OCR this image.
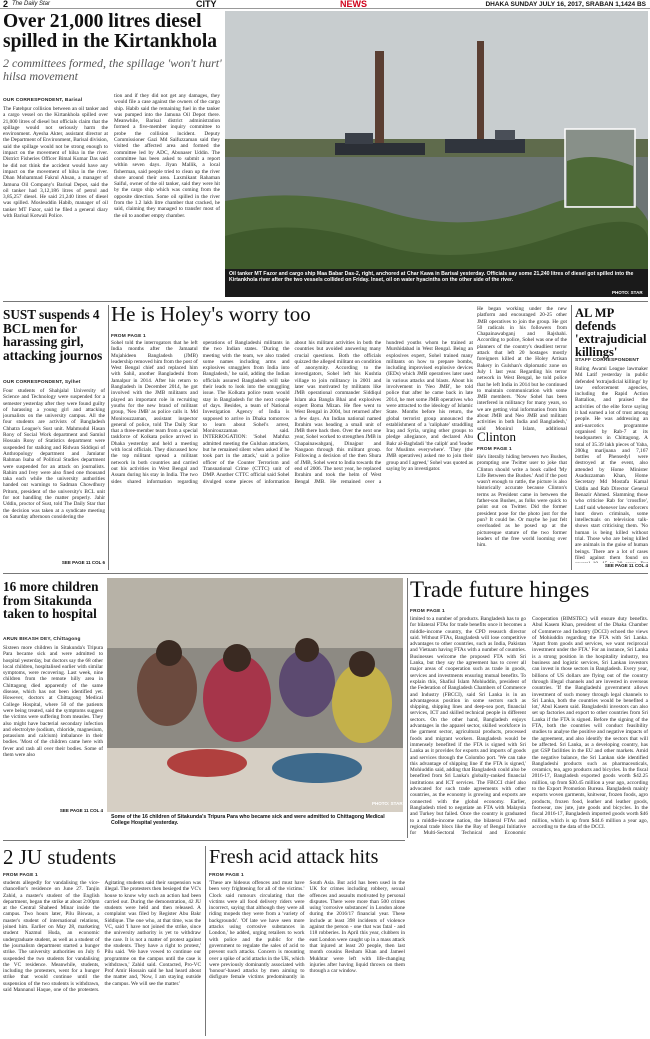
2 The Daily Star	CITY	NEWS	DHAKA SUNDAY JULY 16, 2017, SRABAN 1,1424 BS
Over 21,000 litres diesel spilled in the Kirtankhola
2 committees formed, the spillage 'won't hurt' hilsa movement
OUR CORRESPONDENT, Barisal
The Fatehpur collision between an oil tanker and a cargo vessel on the Kirtankhola spilled over 21,000 litres of diesel but officials claim that the spillage would not seriously harm the environment. Ayesha Akter, assistant director at the Department of Environment, Barisal division, said the spillage would not be strong enough to impact on the movement of hilsa in the river. District Fisheries Officer Bimal Kumar Das said he did not think the accident would have any impact on the movement of hilsa in the river. Dhan Mohammad Fakrul Ahsan, a manager of Jamuna Oil Company's Barisal Depot, said the oil tanker had 3,12,186 litres of petrol and 3,85,257 diesel. He said 21,240 litres of diesel was spilled. Mosleuddin Habib, manager of oil tanker MT Fazor, said he filed a general diary with Barisal Kotwali Police.
tion and if they did not get any damages, they would file a case against the owners of the cargo ship. Habib said the remaining fuel in the tanker was pumped into the Jamuna Oil Depot there. Meanwhile, Barisal district administration formed a five-member inquiry committee to probe the collision incident. Deputy Commissioner Gazi Md Saifuzzaman said they visited the affected area and formed the committee led by ADC, Abunaser Uddin. The committee has been asked to submit a report within seven days. Jiyan Mallik, a local fisherman, said people tried to clean up the river shore around their area. Laxmikant Rahaman Saiful, owner of the oil tanker, said they were hit by the cargo ship which was coming from the opposite direction. Some oil spilled in the river from the 1.2 lakh litre chamber that cracked, he said, claiming they managed to transfer most of the oil to another empty chamber.
Oil tanker MT Fazor and cargo ship Maa Babar Das-2, right, anchored at Char Kawa in Barisal yesterday. Officials say some 21,240 litres of diesel got spilled into the Kirtankhola river after the two vessels collided on Friday. Inset, oil on water hyacinths on the other side of the river.
PHOTO: STAR
SUST suspends 4 BCL men for harassing girl, attacking journos
OUR CORRESPONDENT, Sylhet
Four students of Shahjalal University of Science and Technology were suspended for a semester yesterday after they were found guilty of harassing a young girl and attacking journalists on the university campus. All the four students are activists of Bangladesh Chhatra League's Sust unit. Mahmudul Hasan Rony of Social Work department and Samiul Hossain Rony of Statistics department were suspended for stalking and Ridwan Siddiqui of Anthropology department and Jamiatur Rahman Isaha of Political Studies department were suspended for an attack on journalists. Rahim and Ivey were also fined one thousand taka each while the university authorities handed out warnings to Sadman Chowdhury Pritom, president of the university's BCL unit for not handling the matter properly. Jahir Uddin, proctor of Sust, told The Daily Star that the decision was taken at a syndicate meeting on Saturday afternoon considering the
SEE PAGE 11 COL 6
He is Holey's worry too
FROM PAGE 1
Sohel told the interrogators that he left India months after the Jamaatul Mujahideen Bangladesh (JMB) leadership removed him from the post of West Bengal chief and replaced him with Sahil, another Bangladeshi from Jamalpur in 2014. After his return to Bangladesh in December 2014, he got involved with the JMB militants and played an important role in recruiting youths for the new brand of militant group, 'Neo JMB' as police calls it. Md Monirouzzaman, assistant inspector general of police, told The Daily Star that a three-member team from a special taskforce of Kolkata police arrived in Dhaka yesterday and held a meeting with local officials. They discussed how the top militant spread a militant network in both countries and carried out his activities in West Bengal and Assam during his stay in India. The two sides shared information regarding operations of Bangladeshi militants in the two Indian states. 'During the meeting with the team, we also traded some names including arms and explosives smugglers from India into Bangladesh,' he said, adding the Indian officials assured Bangladesh will take their leads to look into the smuggling issue. The Kolkata police team would stay in Bangladesh for the next couple of days. Besides, a team of National Investigation Agency of India is supposed to arrive in Dhaka tomorrow to learn about Sohel's arrest, Monirouzzaman said. INTERROGATION: 'Sohel Mahfuz admitted meeting the Gulshan attackers, but he remained silent when asked if he took part in the attack,' said a police officer of the Counter Terrorism and Transnational Crime (CTTC) unit of DMP. Another CTTC official said Sohel divulged some pieces of information about his militant activities in both the countries but avoided answering many crucial questions. Both the officials quizzed the alleged militant on condition of anonymity. According to the investigators, Sohel left his Kushtia village to join militancy in 2001 and later was motivated by militants like JMB operational commander Siddiqul Islam aka Bangla Bhai and explosives expert Boma Mizan. He flee went to West Bengal in 2004, but returned after a few days. An Indian national named Ibrahim was heading a small unit of JMB there back then. Over the next one year, Sohel worked to strengthen JMB in Chapainawabganj, Dinajpur and Naogaon through this militant group. Following a decision of the then Shura of JMB, Sohel went to India towards the end of 2006. The next year, he replaced Ibrahim and took the helm of West Bengal JMB. He remained over a hundred youths whom he trained at Murshidabad in West Bengal. Being an explosives expert, Sohel trained many militants on how to prepare bombs, including improvised explosive devices (IEDs) which JMB operatives later used in various attacks and blasts. About his involvement in 'Neo JMB', he told police that after he came back in late 2014, he met some JMB operatives who were attracted to the ideology of Islamic State. Months before his return, the global terrorist group announced the establishment of a 'caliphate' straddling Iraq and Syria, urging other groups to pledge allegiance, and declared Abu Bakr al-Baghdadi 'the caliph' and 'leader for Muslims everywhere'. 'They (the JMB operatives) asked me to join their group and I agreed,' Sohel was quoted as saying by an investigator.
He began working under the new platform and encouraged 20-25 other JMB operatives to join the group. He got 50 radicals in his followers from Chapainawabganj and Rajshahi. According to police, Sohel was one of the planners of the country's deadliest terror attack that left 20 hostages mostly foreigners killed at the Holey Artisan Bakery in Gulshan's diplomatic zone on July 1 last year. Regarding his terror network in West Bengal, he told police that he left India in 2014 but he continued to maintain communication with some JMB members. 'Now Sohel has been interfered in militancy for many years, so we are getting vital information from him about JMB and Neo JMB and militant activities in both India and Bangladesh,' said Monirul Islam, additional
Clinton
FROM PAGE 1
He's literally hiding between two Bushes, prompting one Twitter user to joke that Clinton should write a book called 'My Life Between the Bushes.' And if the post wasn't enough to rattle, the picture is also historically accurate because Clinton's terms as President came in between the father-son Bushes, as folks were quick to point out on Twitter. Did the former president pose for the photo just for the pun? It could be. Or maybe he just felt overloaded as he posed up at the picturesque stature of the two former leaders of the free world looming over him.
AL MP defends 'extrajudicial killings'
STAFF CORRESPONDENT
Ruling Awami League lawmaker Md Latif yesterday in public defended 'extrajudicial killings' by law enforcement agencies, including the Rapid Action Battalion, and praised the activities of the elite force saying it had earned a lot of trust among people. He was addressing an anti-narcotics programme organised by Rab-7 at its headquarters in Chittagong. A total of 35.39 lakh pieces of Yaba, 200kg marijuana and 7,167 bottles of Phensedyl were destroyed at the event, also attended by Home Minister Asaduzzaman Khan, Home Secretary Md Mostafa Kamal Uddin and Rab Director General Benazir Ahmed. Slamming those who criticise Rab for 'crossfire', Latif said whenever law enforcers hunt down criminals, some intellectuals on television talk-shows start criticising them. 'No human is being killed without trial. Those who are being killed are animals in the guise of human beings. There are a lot of cases filed against them found on
SEE PAGE 11 COL 4
16 more children from Sitakunda taken to hospital
ARUN BIKASH DEY, Chittagong
Sixteen more children in Sitakunda's Tripura Para became sick and were admitted to hospital yesterday, but doctors say the 68 other local children, hospitalised earlier with similar symptoms, were recovering. Last week, nine children from the remote hilly area in Chittagong died apparently of the same disease, which has not been identified yet. However, doctors at Chittagong Medical College Hospital, where 50 of the patients were being treated, said the symptoms suggest the victims were suffering from measles. They also might have bacterial secondary infection and electrolyte (sodium, chloride, magnesium, potassium and calcium) imbalance in their bodies. 'Most of the children came here with fever and rash all over their bodies. Some of them were also
SEE PAGE 11 COL 4
Some of the 16 children of Sitakunda's Tripura Para who became sick and were admitted to Chittagong Medical College Hospital yesterday.
PHOTO: STAR
Trade future hinges
FROM PAGE 1
limited to a number of products. Bangladesh has to go for bilateral FTAs for trade benefits once it becomes a middle-income country, the CPD research director said. Without FTAs, Bangladesh will lose competitive advantages to other countries, such as India, Pakistan and Vietnam having FTAs with a number of countries. Businesses welcome the proposed FTA with Sri Lanka, but they say the agreement has to cover all major areas of cooperation such as trade in goods, services and investments ensuring mutual benefits. To explain this, Shafiul Islam Mohiuddin, president of the Federation of Bangladesh Chambers of Commerce and Industry (FBCCI), said Sri Lanka is in an advantageous position in some sectors such as shipping, shipping lines and deep-sea port, financial services, ICT and skilled technical people in different sectors. On the other hand, Bangladesh enjoys advantages in the apparel sector, skilled workforce in the garment sector, agricultural products, processed foods and migrant workers. Bangladesh would be immensely benefited if the FTA is signed with Sri Lanka as it provides for exports and imports of goods and services through the Colombo port. 'We can take this advantage of shipping line if the FTA is signed,' Mohiuddin said, adding that Bangladesh could also be benefited from Sri Lanka's globally-ranked financial institutions and ICT services. The FBCCI chief also advocated for such trade agreements with other countries, as the economy is growing and exports are connected with the global economy. Earlier, Bangladesh tried to negotiate an FTA with Malaysia and Turkey but failed. Once the country is graduated to a middle-income nation, the bilateral FTAs and regional trade blocs like the Bay of Bengal Initiative for Multi-Sectoral Technical and Economic Cooperation (BIMSTEC) will ensure duty benefits. Abul Kasem Khan, president of the Dhaka Chamber of Commerce and Industry (DCCI) echoed the views of Mohiuddin regarding the FTA with Sri Lanka. 'Apart from goods and services, we want reciprocal investment under the FTA.' For an instance, Sri Lanka is a strong position in the hospitality industry, tea business and logistic services, Sri Lankan investors can invest in those sectors in Bangladesh. Every year, billions of US dollars are flying out of the country through illegal channels and are invested in overseas countries. 'If the Bangladeshi government allows investment of such money through legal channels to Sri Lanka, both the countries would be benefited a lot,' Abul Kasem said. Bangladeshi investors can also set up factories and export to other countries from Sri Lanka if the FTA is signed. Before the signing of the FTA, both the countries will conduct feasibility studies to analyse the positive and negative impacts of the agreement, and also identify the sectors that will be affected. Sri Lanka, as a developing country, has got GSP facilities in the EU and other markets. Amid the negative balance, the Sri Lankan side identified Bangladeshi products such as pharmaceuticals, ceramics, tea, agro products and bicycles. In the fiscal 2016-17, Bangladesh exported goods worth $42.25 million, up from $30.45 million a year ago, according to the Export Promotion Bureau. Bangladesh mainly exports woven garments, knitwear, frozen foods, agro products, frozen food, leather and leather goods, footwear, raw jute, jute goods and bicycles. In the fiscal 2016-17, Bangladesh imported goods worth $46 million, which is up from $44.6 million a year ago, according to the data of the DCCI.
2 JU students
FROM PAGE 1
students allegedly for vandalising the vice-chancellor's residence on June 27. Tanjin Zahid, a master's student of the English department, began the strike at about 2:00pm at the Central Shaheed Minar inside the campus. Two hours later, Pilu Biswas, a master's student of international relations, joined him. Earlier on May 28, marketing student Nazmul Huda, an economic undergraduate student, as well as a student of the journalism department started a hunger strike. The university authorities on July 6 suspended the two students for vandalising the VC residence. Meanwhile, students, including the protesters, went for a hunger strike that would continue until the suspension of the two students is withdrawn, said Mannanul Haque, one of the protesters. Agitating students said their suspension was illegal. The protesters then besieged the VC's house to know why such an action had been carried out. During the demonstration, 42 JU students were held and then released. A complaint was filed by Register Abu Bakr Siddique. The one who, at that time, was the VC, said 'I have not joined the strike, since the university authority is yet to withdraw the case. It is not a matter of protest against the students. They have a right to protest,' Pilu said. 'We have vowed to continue our programme on the campus until the case is withdrawn,' Zahid said. Contacted, Pro-VC Prof Amir Hossain said he had heard about the matter and, 'Now, I am staying outside the campus. We will see the matter.'
Fresh acid attack hits
FROM PAGE 1
'These are hideous offences and must have been very frightening for all of the victims.' Clock said rumours circulating that the victims were all food delivery riders were incorrect, saying that although they were all riding mopeds they were from a 'variety of backgrounds'. 'Of late we have seen more attacks using corrosive substances in London,' he added, urging retailers to work with police and the public for the government to regulate the sales of acid to prevent such attacks. Concern is mounting over a spike of acid attacks in the UK, which were previously dominantly associated with 'honour'-based attacks by men aiming to disfigure female victims predominantly in South Asia. But acid has been used in the UK for crimes including robbery, sexual offences and assaults motivated by personal disputes. There were more than 500 crimes using 'corrosive substances' in London alone during the 2016/17 financial year. These include at least 398 incidents of violence against the person - one that was fatal - and 118 robberies. In April this year, clubbers in east London were caught up in a mass attack that injured at least 20 people, then last month cousins Resham Khan and Jameel Mukhtar were left with life-changing injuries after having liquid thrown on them through a car window.
